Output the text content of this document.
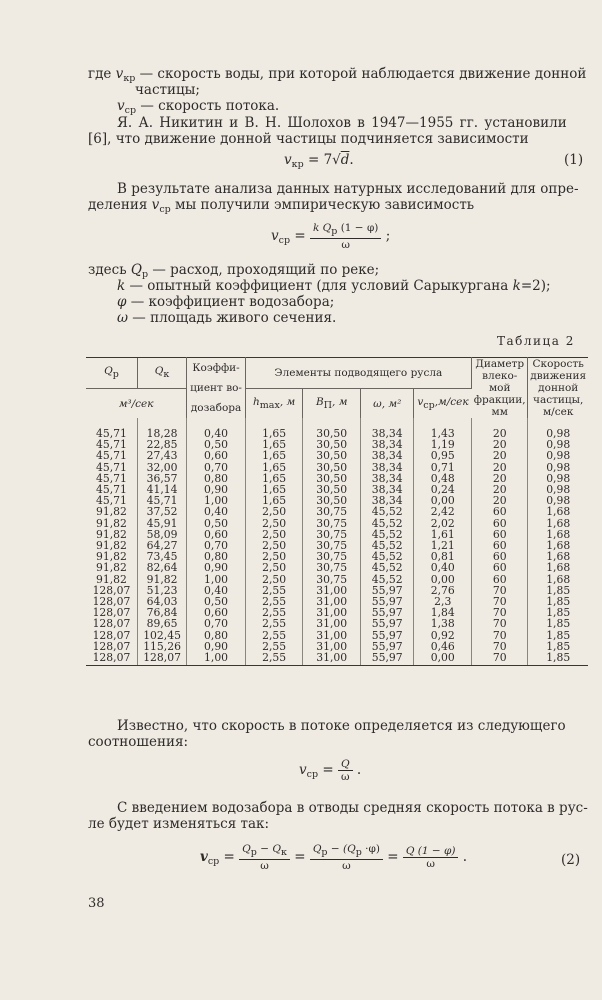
где $v_{кр}$ — скорость воды, при которой наблюдается движение донной
частицы;
$v_{ср}$ — скорость потока.
Я. А. Никитин и В. Н. Шолохов в 1947—1955 гг. установили
[6], что движение донной частицы подчиняется зависимости
$v_{кр} = 7√d$.	(1)
В результате анализа данных натурных исследований для опре-
деления $v_{ср}$ мы получили эмпирическую зависимость
$v_{ср} = \frac{\text{k Qр (1 − φ)}}{\omega}$ ;
здесь $Q_р$ — расход, проходящий по реке;
k — опытный коэффициент (для условий Сарыкургана k=2);
φ — коэффициент водозабора;
ω — площадь живого сечения.
Таблица 2
Qр	Qк	Коэффи-
циент во-
дозабора	Элементы подводящего русла				Диаметр
влеко-
мой
фракции,
мм	Скорость
движения
донной
частицы,
м/сек
м³/сек			hmax, м	BП, м	ω, м²	vср,м/сек		

45,71	18,28	0,40	1,65	30,50	38,34	1,43	20	0,98
45,71	22,85	0,50	1,65	30,50	38,34	1,19	20	0,98
45,71	27,43	0,60	1,65	30,50	38,34	0,95	20	0,98
45,71	32,00	0,70	1,65	30,50	38,34	0,71	20	0,98
45,71	36,57	0,80	1,65	30,50	38,34	0,48	20	0,98
45,71	41,14	0,90	1,65	30,50	38,34	0,24	20	0,98
45,71	45,71	1,00	1,65	30,50	38,34	0,00	20	0,98
91,82	37,52	0,40	2,50	30,75	45,52	2,42	60	1,68
91,82	45,91	0,50	2,50	30,75	45,52	2,02	60	1,68
91,82	58,09	0,60	2,50	30,75	45,52	1,61	60	1,68
91,82	64,27	0,70	2,50	30,75	45,52	1,21	60	1,68
91,82	73,45	0,80	2,50	30,75	45,52	0,81	60	1,68
91,82	82,64	0,90	2,50	30,75	45,52	0,40	60	1,68
91,82	91,82	1,00	2,50	30,75	45,52	0,00	60	1,68
128,07	51,23	0,40	2,55	31,00	55,97	2,76	70	1,85
128,07	64,03	0,50	2,55	31,00	55,97	2,3	70	1,85
128,07	76,84	0,60	2,55	31,00	55,97	1,84	70	1,85
128,07	89,65	0,70	2,55	31,00	55,97	1,38	70	1,85
128,07	102,45	0,80	2,55	31,00	55,97	0,92	70	1,85
128,07	115,26	0,90	2,55	31,00	55,97	0,46	70	1,85
128,07	128,07	1,00	2,55	31,00	55,97	0,00	70	1,85
Известно, что скорость в потоке определяется из следующего
соотношения:
$v_{ср} = \frac{Q}{\omega}$ .
С введением водозабора в отводы средняя скорость потока в рус-
ле будет изменяться так:
$v_{ср} = \frac{Qр - Qк}{\omega} = \frac{Qр - (Qр \cdot\varphi)}{\omega} = \frac{Q (1 - \varphi)}{\omega}$ .	(2)
38
